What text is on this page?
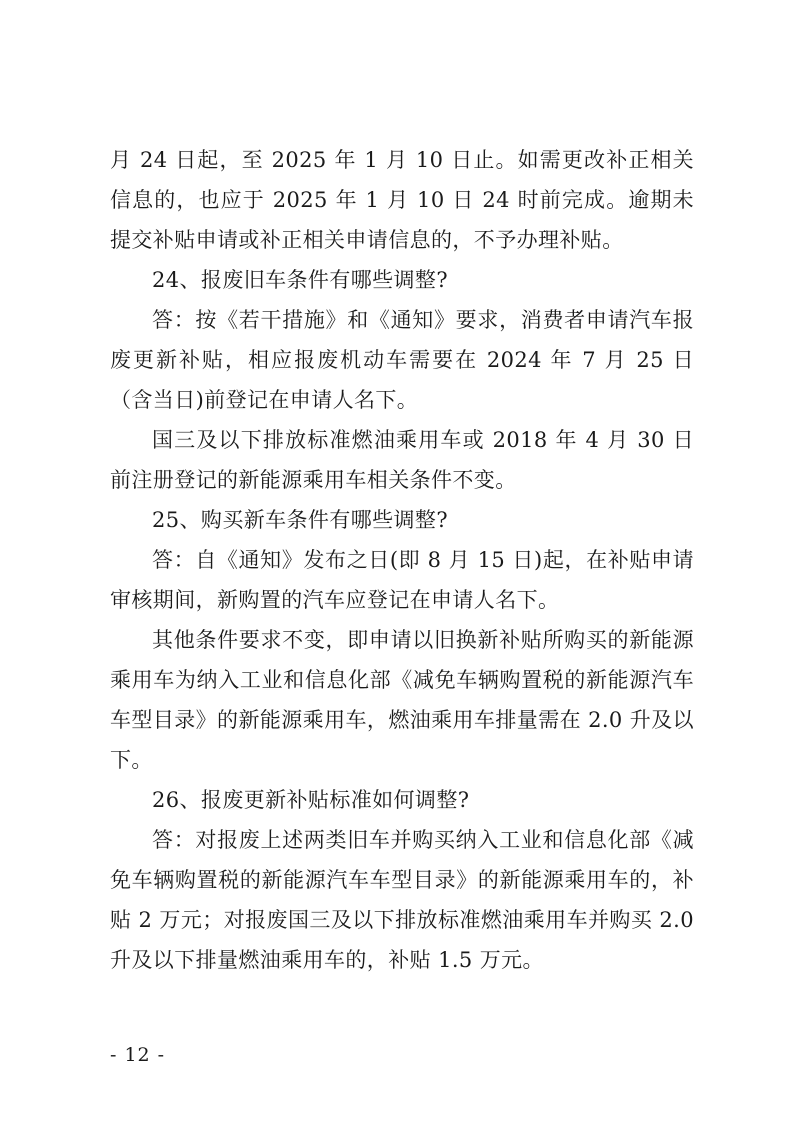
月 24 日起，至 2025 年 1 月 10 日止。如需更改补正相关信息的，也应于 2025 年 1 月 10 日 24 时前完成。逾期未提交补贴申请或补正相关申请信息的，不予办理补贴。

24、报废旧车条件有哪些调整?

答：按《若干措施》和《通知》要求，消费者申请汽车报废更新补贴，相应报废机动车需要在 2024 年 7 月 25 日（含当日)前登记在申请人名下。

国三及以下排放标准燃油乘用车或 2018 年 4 月 30 日前注册登记的新能源乘用车相关条件不变。

25、购买新车条件有哪些调整?

答：自《通知》发布之日(即 8 月 15 日)起，在补贴申请审核期间，新购置的汽车应登记在申请人名下。

其他条件要求不变，即申请以旧换新补贴所购买的新能源乘用车为纳入工业和信息化部《减免车辆购置税的新能源汽车车型目录》的新能源乘用车，燃油乘用车排量需在 2.0 升及以下。

26、报废更新补贴标准如何调整?

答：对报废上述两类旧车并购买纳入工业和信息化部《减免车辆购置税的新能源汽车车型目录》的新能源乘用车的，补贴 2 万元；对报废国三及以下排放标准燃油乘用车并购买 2.0 升及以下排量燃油乘用车的，补贴 1.5 万元。

- 12 -
